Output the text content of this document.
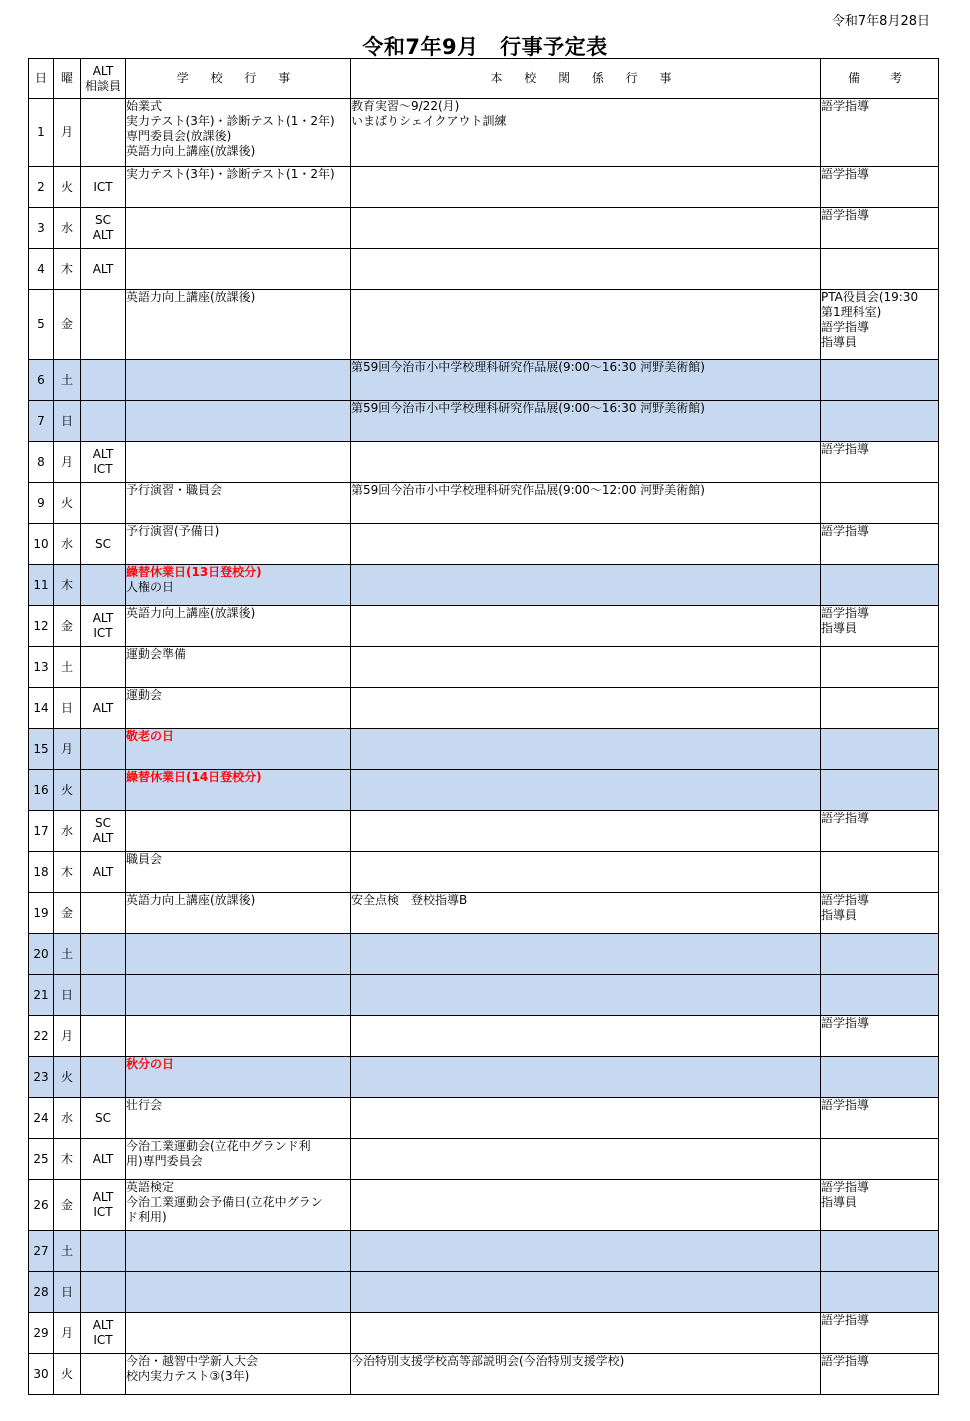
令和7年8月28日
令和7年9月　行事予定表
日	曜	ALT
相談員	学 校 行 事	本 校 関 係 行 事	備　考
1	月		始業式
実力テスト(3年)・診断テスト(1・2年)
専門委員会(放課後)
英語力向上講座(放課後)	教育実習～9/22(月)
いまばりシェイクアウト訓練	語学指導

2	火	ICT	実力テスト(3年)・診断テスト(1・2年)		語学指導

3	水	SC
ALT			語学指導

4	木	ALT			

5	金		英語力向上講座(放課後)		PTA役員会(19:30
第1理科室)
語学指導
指導員

6	土			第59回今治市小中学校理科研究作品展(9:00～16:30 河野美術館)	

7	日			第59回今治市小中学校理科研究作品展(9:00～16:30 河野美術館)	

8	月	ALT
ICT			語学指導

9	火		予行演習・職員会	第59回今治市小中学校理科研究作品展(9:00～12:00 河野美術館)	

10	水	SC	予行演習(予備日)		語学指導

11	木		繰替休業日(13日登校分)
人権の日		

12	金	ALT
ICT	英語力向上講座(放課後)		語学指導
指導員

13	土		運動会準備		

14	日	ALT	運動会		

15	月		敬老の日		

16	火		繰替休業日(14日登校分)		

17	水	SC
ALT			語学指導

18	木	ALT	職員会		

19	金		英語力向上講座(放課後)	安全点検　登校指導B	語学指導
指導員

20	土				
21	日				
22	月				語学指導

23	火		秋分の日		

24	水	SC	壮行会		語学指導

25	木	ALT	今治工業運動会(立花中グランド利
用)専門委員会		

26	金	ALT
ICT	英語検定
今治工業運動会予備日(立花中グラン
ド利用)		語学指導
指導員

27	土				
28	日				
29	月	ALT
ICT			語学指導

30	火		今治・越智中学新人大会
校内実力テスト③(3年)	今治特別支援学校高等部説明会(今治特別支援学校)	語学指導
